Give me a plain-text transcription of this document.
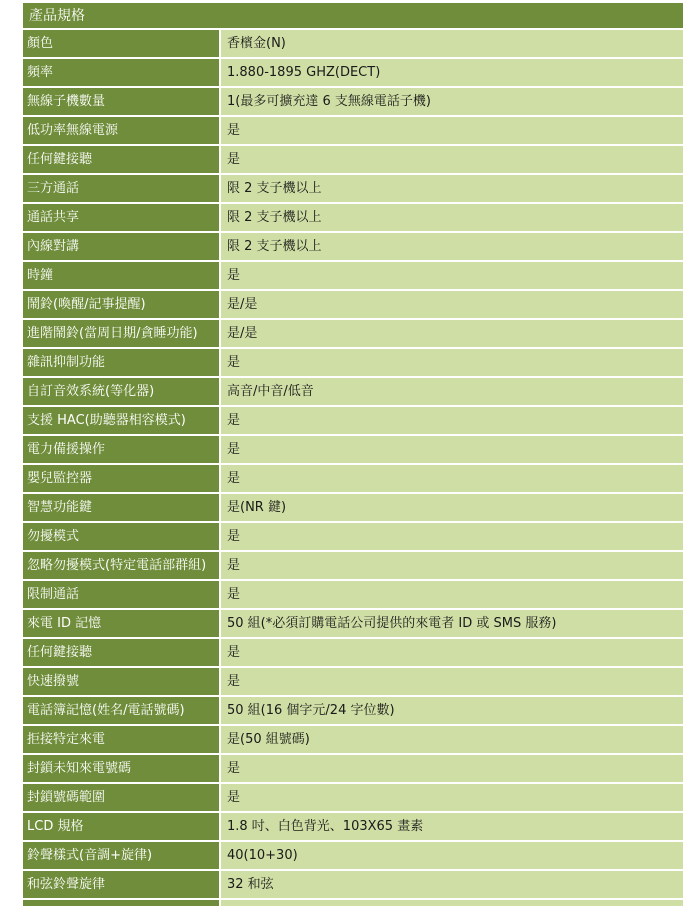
產品規格
顏色	香檳金(N)
頻率	1.880-1895 GHZ(DECT)
無線子機數量	1(最多可擴充達 6 支無線電話子機)
低功率無線電源	是
任何鍵接聽	是
三方通話	限 2 支子機以上
通話共享	限 2 支子機以上
內線對講	限 2 支子機以上
時鐘	是
鬧鈴(喚醒/記事提醒)	是/是
進階鬧鈴(當周日期/貪睡功能)	是/是
雜訊抑制功能	是
自訂音效系統(等化器)	高音/中音/低音
支援 HAC(助聽器相容模式)	是
電力備援操作	是
嬰兒監控器	是
智慧功能鍵	是(NR 鍵)
勿擾模式	是
忽略勿擾模式(特定電話部群組)	是
限制通話	是
來電 ID 記憶	50 組(*必須訂購電話公司提供的來電者 ID 或 SMS 服務)
任何鍵接聽	是
快速撥號	是
電話簿記憶(姓名/電話號碼)	50 組(16 個字元/24 字位數)
拒接特定來電	是(50 組號碼)
封鎖未知來電號碼	是
封鎖號碼範圍	是
LCD 規格	1.8 吋、白色背光、103X65 畫素
鈴聲樣式(音調+旋律)	40(10+30)
和弦鈴聲旋律	32 和弦
